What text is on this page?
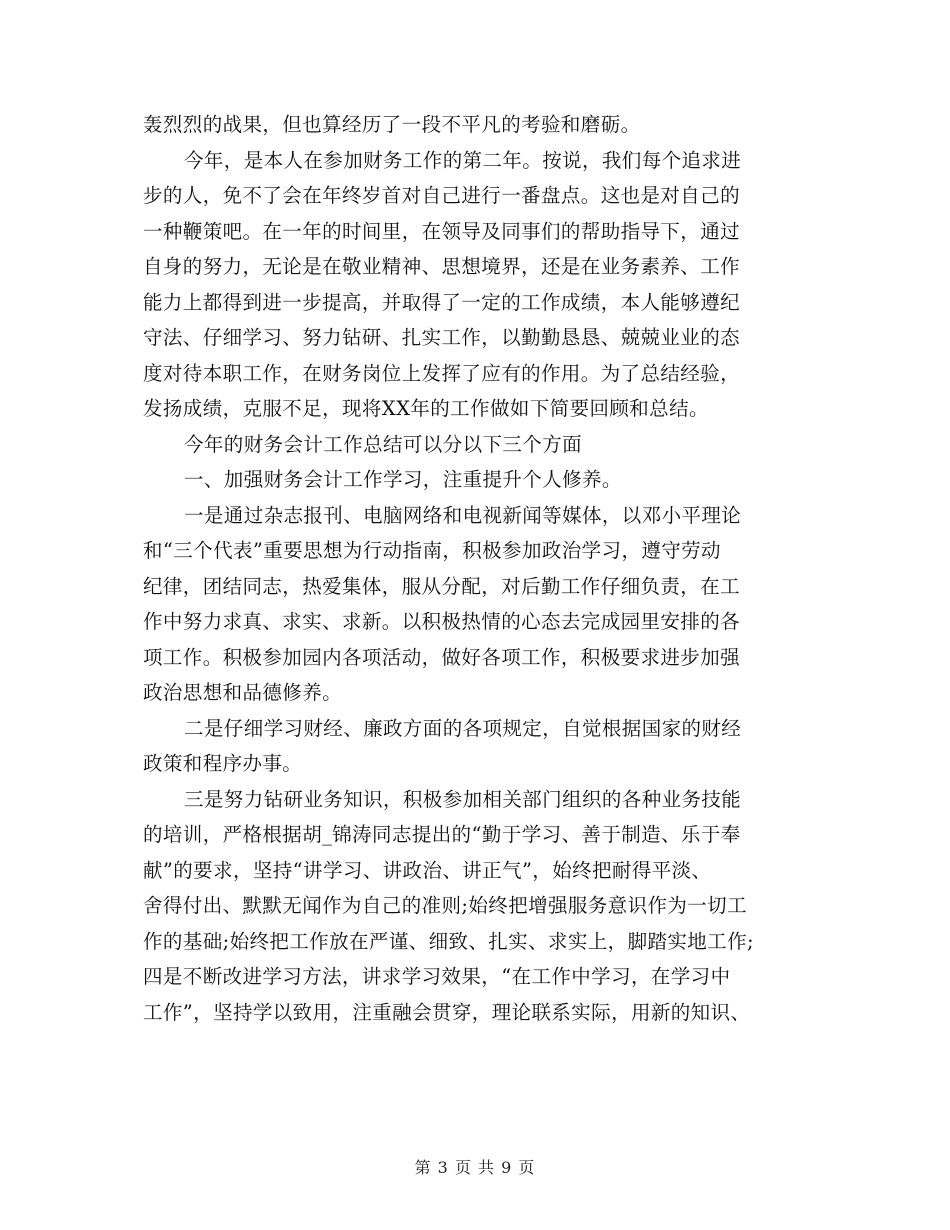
轰烈烈的战果，但也算经历了一段不平凡的考验和磨砺。
今年，是本人在参加财务工作的第二年。按说，我们每个追求进
步的人，免不了会在年终岁首对自己进行一番盘点。这也是对自己的
一种鞭策吧。在一年的时间里，在领导及同事们的帮助指导下，通过
自身的努力，无论是在敬业精神、思想境界，还是在业务素养、工作
能力上都得到进一步提高，并取得了一定的工作成绩，本人能够遵纪
守法、仔细学习、努力钻研、扎实工作，以勤勤恳恳、兢兢业业的态
度对待本职工作，在财务岗位上发挥了应有的作用。为了总结经验，
发扬成绩，克服不足，现将XX年的工作做如下简要回顾和总结。
今年的财务会计工作总结可以分以下三个方面
一、加强财务会计工作学习，注重提升个人修养。
一是通过杂志报刊、电脑网络和电视新闻等媒体，以邓小平理论
和“三个代表”重要思想为行动指南，积极参加政治学习，遵守劳动
纪律，团结同志，热爱集体，服从分配，对后勤工作仔细负责，在工
作中努力求真、求实、求新。以积极热情的心态去完成园里安排的各
项工作。积极参加园内各项活动，做好各项工作，积极要求进步加强
政治思想和品德修养。
二是仔细学习财经、廉政方面的各项规定，自觉根据国家的财经
政策和程序办事。
三是努力钻研业务知识，积极参加相关部门组织的各种业务技能
的培训，严格根据胡_锦涛同志提出的“勤于学习、善于制造、乐于奉
献”的要求，坚持“讲学习、讲政治、讲正气”，始终把耐得平淡、
舍得付出、默默无闻作为自己的准则;始终把增强服务意识作为一切工
作的基础;始终把工作放在严谨、细致、扎实、求实上，脚踏实地工作;
四是不断改进学习方法，讲求学习效果，“在工作中学习，在学习中
工作”，坚持学以致用，注重融会贯穿，理论联系实际，用新的知识、
第 3 页 共 9 页
